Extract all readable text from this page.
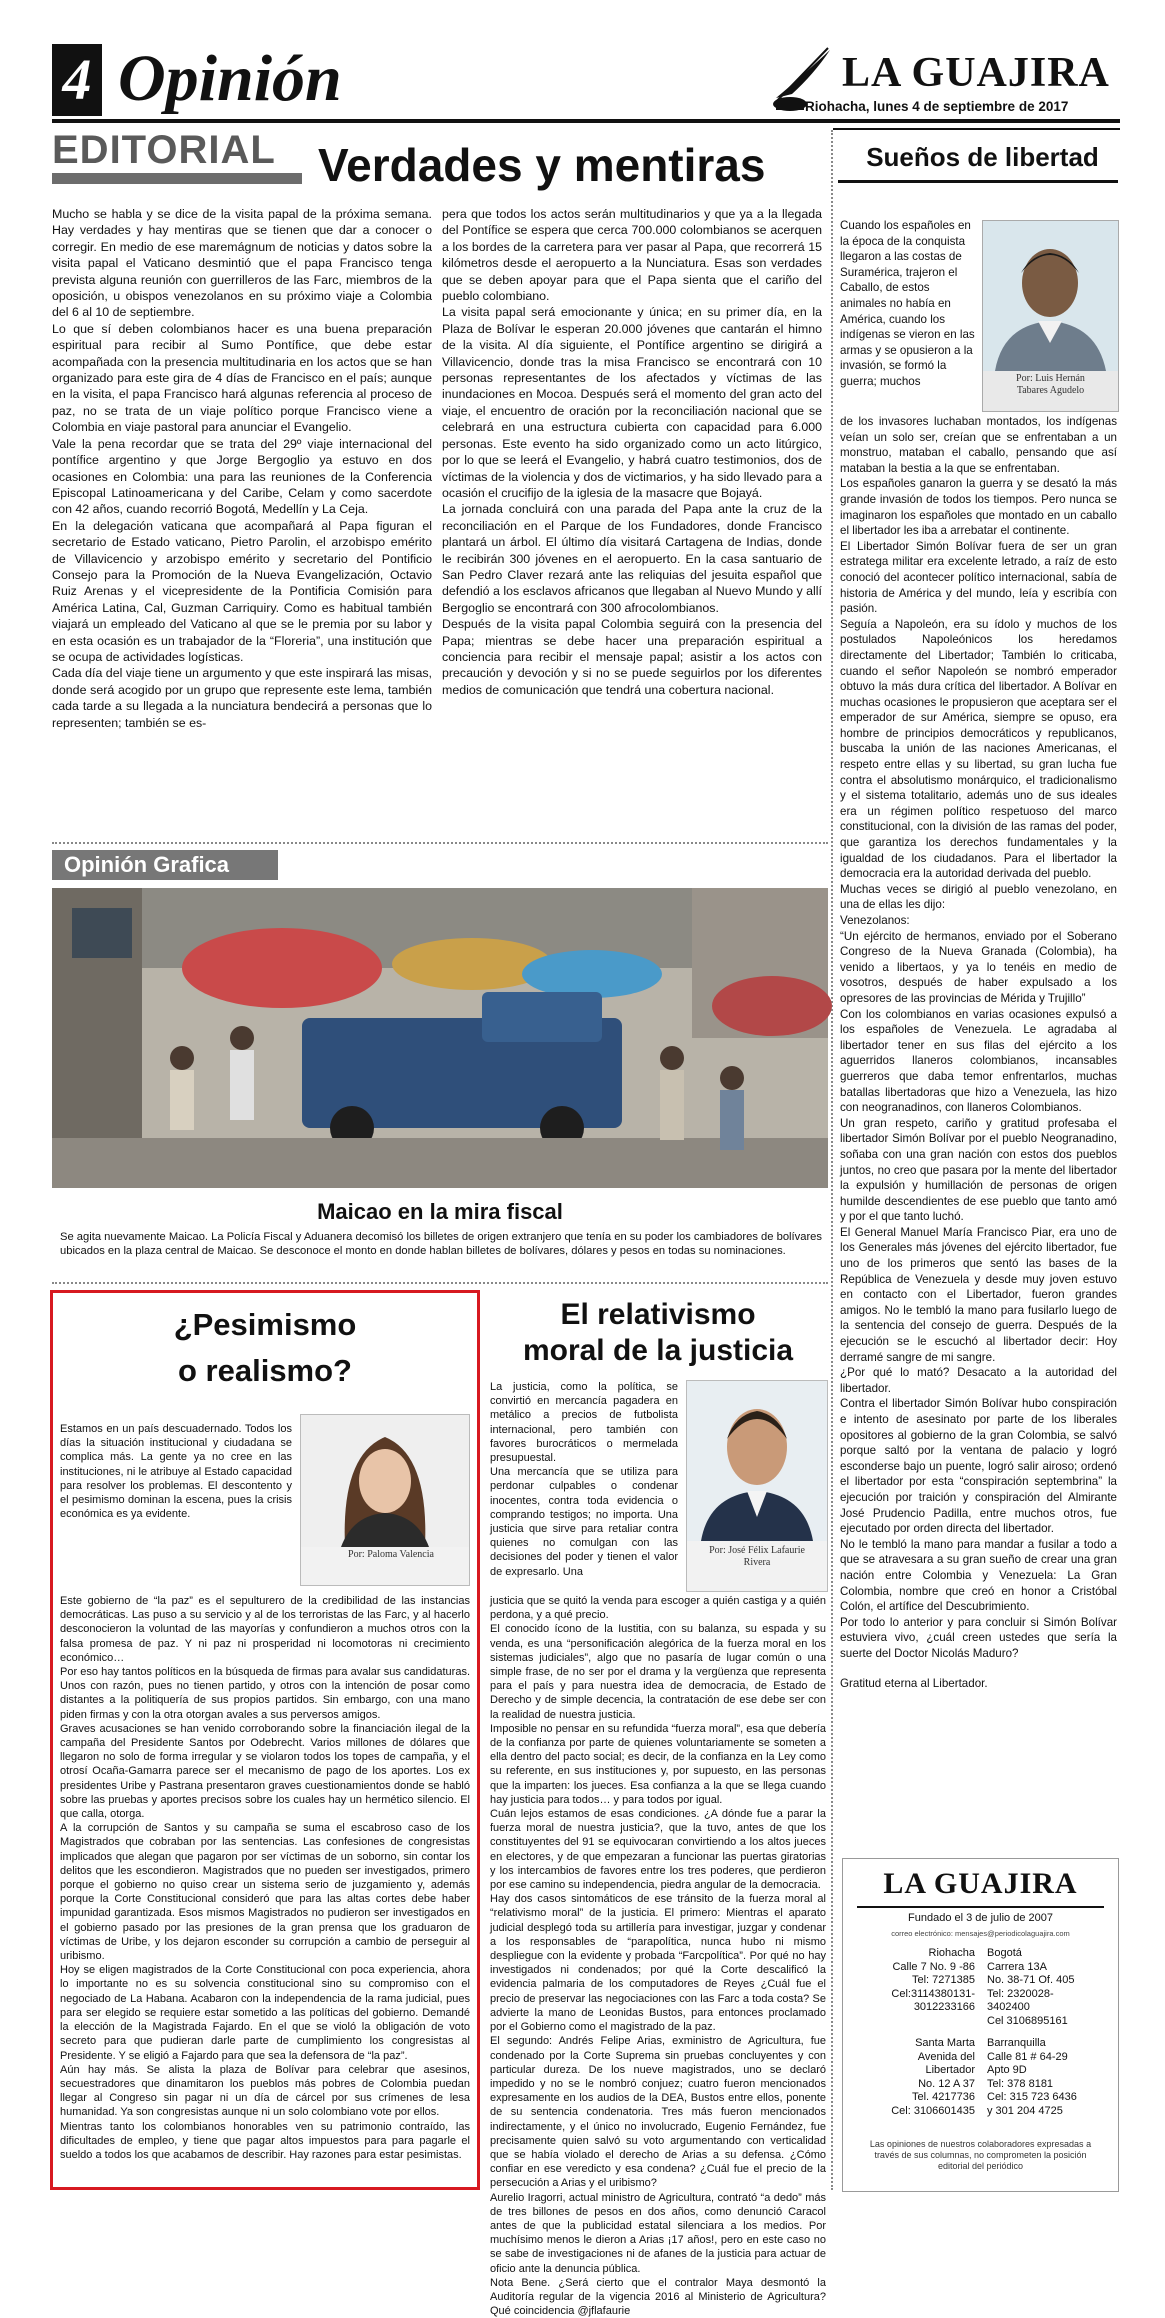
4 Opinión	LA GUAJIRA
Riohacha, lunes 4 de septiembre de 2017
EDITORIAL Verdades y mentiras

Mucho se habla y se dice de la visita papal de la próxima semana. Hay verdades y hay mentiras que se tienen que dar a conocer o corregir. En medio de ese maremágnum de noticias y datos sobre la visita papal el Vaticano desmintió que el papa Francisco tenga prevista alguna reunión con guerrilleros de las Farc, miembros de la oposición, u obispos venezolanos en su próximo viaje a Colombia del 6 al 10 de septiembre.

Lo que sí deben colombianos hacer es una buena preparación espiritual para recibir al Sumo Pontífice, que debe estar acompañada con la presencia multitudinaria en los actos que se han organizado para este gira de 4 días de Francisco en el país; aunque en la visita, el papa Francisco hará algunas referencia al proceso de paz, no se trata de un viaje político porque Francisco viene a Colombia en viaje pastoral para anunciar el Evangelio.

Vale la pena recordar que se trata del 29º viaje internacional del pontífice argentino y que Jorge Bergoglio ya estuvo en dos ocasiones en Colombia: una para las reuniones de la Conferencia Episcopal Latinoamericana y del Caribe, Celam y como sacerdote con 42 años, cuando recorrió Bogotá, Medellín y La Ceja.

En la delegación vaticana que acompañará al Papa figuran el secretario de Estado vaticano, Pietro Parolin, el arzobispo emérito de Villavicencio y arzobispo emérito y secretario del Pontificio Consejo para la Promoción de la Nueva Evangelización, Octavio Ruiz Arenas y el vicepresidente de la Pontificia Comisión para América Latina, Cal, Guzman Carriquiry. Como es habitual también viajará un empleado del Vaticano al que se le premia por su labor y en esta ocasión es un trabajador de la “Floreria”, una institución que se ocupa de actividades logísticas.

Cada día del viaje tiene un argumento y que este inspirará las misas, donde será acogido por un grupo que represente este lema, también cada tarde a su llegada a la nunciatura bendecirá a personas que lo representen; también se es-

pera que todos los actos serán multitudinarios y que ya a la llegada del Pontífice se espera que cerca 700.000 colombianos se acerquen a los bordes de la carretera para ver pasar al Papa, que recorrerá 15 kilómetros desde el aeropuerto a la Nunciatura. Esas son verdades que se deben apoyar para que el Papa sienta que el cariño del pueblo colombiano.

La visita papal será emocionante y única; en su primer día, en la Plaza de Bolívar le esperan 20.000 jóvenes que cantarán el himno de la visita. Al día siguiente, el Pontífice argentino se dirigirá a Villavicencio, donde tras la misa Francisco se encontrará con 10 personas representantes de los afectados y víctimas de las inundaciones en Mocoa. Después será el momento del gran acto del viaje, el encuentro de oración por la reconciliación nacional que se celebrará en una estructura cubierta con capacidad para 6.000 personas. Este evento ha sido organizado como un acto litúrgico, por lo que se leerá el Evangelio, y habrá cuatro testimonios, dos de víctimas de la violencia y dos de victimarios, y ha sido llevado para a ocasión el crucifijo de la iglesia de la masacre que Bojayá.

La jornada concluirá con una parada del Papa ante la cruz de la reconciliación en el Parque de los Fundadores, donde Francisco plantará un árbol. El último día visitará Cartagena de Indias, donde le recibirán 300 jóvenes en el aeropuerto. En la casa santuario de San Pedro Claver rezará ante las reliquias del jesuita español que defendió a los esclavos africanos que llegaban al Nuevo Mundo y allí Bergoglio se encontrará con 300 afrocolombianos.

Después de la visita papal Colombia seguirá con la presencia del Papa; mientras se debe hacer una preparación espiritual a conciencia para recibir el mensaje papal; asistir a los actos con precaución y devoción y si no se puede seguirlos por los diferentes medios de comunicación que tendrá una cobertura nacional.

Sueños de libertad
Cuando los españoles en la época de la conquista llegaron a las costas de Suramérica, trajeron el Caballo, de estos animales no había en América, cuando los indígenas se vieron en las armas y se opusieron a la invasión, se formó la guerra; muchos	Por: Luis Hernán Tabares Agudelo

de los invasores luchaban montados, los indígenas veían un solo ser, creían que se enfrentaban a un monstruo, mataban el caballo, pensando que así mataban la bestia a la que se enfrentaban.

Los españoles ganaron la guerra y se desató la más grande invasión de todos los tiempos. Pero nunca se imaginaron los españoles que montado en un caballo el libertador les iba a arrebatar el continente.

El Libertador Simón Bolívar fuera de ser un gran estratega militar era excelente letrado, a raíz de esto conoció del acontecer político internacional, sabía de historia de América y del mundo, leía y escribía con pasión.

Seguía a Napoleón, era su ídolo y muchos de los postulados Napoleónicos los heredamos directamente del Libertador; También lo criticaba, cuando el señor Napoleón se nombró emperador obtuvo la más dura crítica del libertador. A Bolívar en muchas ocasiones le propusieron que aceptara ser el emperador de sur América, siempre se opuso, era hombre de principios democráticos y republicanos, buscaba la unión de las naciones Americanas, el respeto entre ellas y su libertad, su gran lucha fue contra el absolutismo monárquico, el tradicionalismo y el sistema totalitario, además uno de sus ideales era un régimen político respetuoso del marco constitucional, con la división de las ramas del poder, que garantiza los derechos fundamentales y la igualdad de los ciudadanos. Para el libertador la democracia era la autoridad derivada del pueblo.

Muchas veces se dirigió al pueblo venezolano, en una de ellas les dijo:

Venezolanos:

“Un ejército de hermanos, enviado por el Soberano Congreso de la Nueva Granada (Colombia), ha venido a libertaos, y ya lo tenéis en medio de vosotros, después de haber expulsado a los opresores de las provincias de Mérida y Trujillo”

Con los colombianos en varias ocasiones expulsó a los españoles de Venezuela. Le agradaba al libertador tener en sus filas del ejército a los aguerridos llaneros colombianos, incansables guerreros que daba temor enfrentarlos, muchas batallas libertadoras que hizo a Venezuela, las hizo con neogranadinos, con llaneros Colombianos.

Un gran respeto, cariño y gratitud profesaba el libertador Simón Bolívar por el pueblo Neogranadino, soñaba con una gran nación con estos dos pueblos juntos, no creo que pasara por la mente del libertador la expulsión y humillación de personas de origen humilde descendientes de ese pueblo que tanto amó y por el que tanto luchó.

El General Manuel María Francisco Piar, era uno de los Generales más jóvenes del ejército libertador, fue uno de los primeros que sentó las bases de la República de Venezuela y desde muy joven estuvo en contacto con el Libertador, fueron grandes amigos. No le tembló la mano para fusilarlo luego de la sentencia del consejo de guerra. Después de la ejecución se le escuchó al libertador decir: Hoy derramé sangre de mi sangre.

¿Por qué lo mató? Desacato a la autoridad del libertador.

Contra el libertador Simón Bolívar hubo conspiración e intento de asesinato por parte de los liberales opositores al gobierno de la gran Colombia, se salvó porque saltó por la ventana de palacio y logró esconderse bajo un puente, logró salir airoso; ordenó el libertador por esta “conspiración septembrina” la ejecución por traición y conspiración del Almirante José Prudencio Padilla, entre muchos otros, fue ejecutado por orden directa del libertador.

No le tembló la mano para mandar a fusilar a todo a que se atravesara a su gran sueño de crear una gran nación entre Colombia y Venezuela: La Gran Colombia, nombre que creó en honor a Cristóbal Colón, el artífice del Descubrimiento.

Por todo lo anterior y para concluir si Simón Bolívar estuviera vivo, ¿cuál creen ustedes que sería la suerte del Doctor Nicolás Maduro?

Gratitud eterna al Libertador.

LA GUAJIRA
Fundado el 3 de julio de 2007
correo electrónico: mensajes@periodicolaguajira.com
Riohacha
Calle 7 No. 9 -86
Tel: 7271385
Cel:3114380131-
3012233166
Bogotá
Carrera 13A
No. 38-71 Of. 405
Tel: 2320028-
3402400
Cel 3106895161
Santa Marta
Avenida del
Libertador
No. 12 A 37
Tel. 4217736
Cel: 3106601435
Barranquilla
Calle 81 # 64-29
Apto 9D
Tel: 378 8181
Cel: 315 723 6436
y 301 204 4725
Las opiniones de nuestros colaboradores expresadas a través de sus columnas, no comprometen la posición editorial del periódico
Opinión Grafica
Maicao en la mira fiscal
Se agita nuevamente Maicao. La Policía Fiscal y Aduanera decomisó los billetes de origen extranjero que tenía en su poder los cambiadores de bolívares ubicados en la plaza central de Maicao. Se desconoce el monto en donde hablan billetes de bolívares, dólares y pesos en todas su nominaciones.
¿Pesimismo
o realismo?
Por: Paloma Valencia
Estamos en un país descuadernado. Todos los días la situación institucional y ciudadana se complica más. La gente ya no cree en las instituciones, ni le atribuye al Estado capacidad para resolver los problemas. El descontento y el pesimismo dominan la escena, pues la crisis económica es ya evidente.

Este gobierno de “la paz” es el sepulturero de la credibilidad de las instancias democráticas. Las puso a su servicio y al de los terroristas de las Farc, y al hacerlo desconocieron la voluntad de las mayorías y confundieron a muchos otros con la falsa promesa de paz. Y ni paz ni prosperidad ni locomotoras ni crecimiento económico…

Por eso hay tantos políticos en la búsqueda de firmas para avalar sus candidaturas. Unos con razón, pues no tienen partido, y otros con la intención de posar como distantes a la politiquería de sus propios partidos. Sin embargo, con una mano piden firmas y con la otra otorgan avales a sus perversos amigos.

Graves acusaciones se han venido corroborando sobre la financiación ilegal de la campaña del Presidente Santos por Odebrecht. Varios millones de dólares que llegaron no solo de forma irregular y se violaron todos los topes de campaña, y el otrosí Ocaña-Gamarra parece ser el mecanismo de pago de los aportes. Los ex presidentes Uribe y Pastrana presentaron graves cuestionamientos donde se habló sobre las pruebas y aportes precisos sobre los cuales hay un hermético silencio. El que calla, otorga.

A la corrupción de Santos y su campaña se suma el escabroso caso de los Magistrados que cobraban por las sentencias. Las confesiones de congresistas implicados que alegan que pagaron por ser víctimas de un soborno, sin contar los delitos que les escondieron. Magistrados que no pueden ser investigados, primero porque el gobierno no quiso crear un sistema serio de juzgamiento y, además porque la Corte Constitucional consideró que para las altas cortes debe haber impunidad garantizada. Esos mismos Magistrados no pudieron ser investigados en el gobierno pasado por las presiones de la gran prensa que los graduaron de víctimas de Uribe, y los dejaron esconder su corrupción a cambio de perseguir al uribismo.

Hoy se eligen magistrados de la Corte Constitucional con poca experiencia, ahora lo importante no es su solvencia constitucional sino su compromiso con el negociado de La Habana. Acabaron con la independencia de la rama judicial, pues para ser elegido se requiere estar sometido a las políticas del gobierno. Demandé la elección de la Magistrada Fajardo. En el que se violó la obligación de voto secreto para que pudieran darle parte de cumplimiento los congresistas al Presidente. Y se eligió a Fajardo para que sea la defensora de “la paz”.

Aún hay más. Se alista la plaza de Bolívar para celebrar que asesinos, secuestradores que dinamitaron los pueblos más pobres de Colombia puedan llegar al Congreso sin pagar ni un día de cárcel por sus crímenes de lesa humanidad. Ya son congresistas aunque ni un solo colombiano vote por ellos.

Mientras tanto los colombianos honorables ven su patrimonio contraído, las dificultades de empleo, y tiene que pagar altos impuestos para para pagarle el sueldo a todos los que acabamos de describir. Hay razones para estar pesimistas.

El relativismo
moral de la justicia

La justicia, como la política, se convirtió en mercancía pagadera en metálico a precios de futbolista internacional, pero también con favores burocráticos o mermelada presupuestal.

Una mercancía que se utiliza para perdonar culpables o condenar inocentes, contra toda evidencia o comprando testigos; no importa. Una justicia que sirve para retaliar contra quienes no comulgan con las decisiones del poder y tienen el valor de expresarlo. Una

Por: José Félix Lafaurie Rivera

justicia que se quitó la venda para escoger a quién castiga y a quién perdona, y a qué precio.

El conocido ícono de la Iustitia, con su balanza, su espada y su venda, es una “personificación alegórica de la fuerza moral en los sistemas judiciales”, algo que no pasaría de lugar común o una simple frase, de no ser por el drama y la vergüenza que representa para el país y para nuestra idea de democracia, de Estado de Derecho y de simple decencia, la contratación de ese debe ser con la realidad de nuestra justicia.

Imposible no pensar en su refundida “fuerza moral”, esa que debería de la confianza por parte de quienes voluntariamente se someten a ella dentro del pacto social; es decir, de la confianza en la Ley como su referente, en sus instituciones y, por supuesto, en las personas que la imparten: los jueces. Esa confianza a la que se llega cuando hay justicia para todos… y para todos por igual.

Cuán lejos estamos de esas condiciones. ¿A dónde fue a parar la fuerza moral de nuestra justicia?, que la tuvo, antes de que los constituyentes del 91 se equivocaran convirtiendo a los altos jueces en electores, y de que empezaran a funcionar las puertas giratorias y los intercambios de favores entre los tres poderes, que perdieron por ese camino su independencia, piedra angular de la democracia.

Hay dos casos sintomáticos de ese tránsito de la fuerza moral al “relativismo moral” de la justicia. El primero: Mientras el aparato judicial desplegó toda su artillería para investigar, juzgar y condenar a los responsables de “parapolítica, nunca hubo ni mismo despliegue con la evidente y probada “Farcpolítica”. Por qué no hay investigados ni condenados; por qué la Corte descalificó la evidencia palmaria de los computadores de Reyes ¿Cuál fue el precio de preservar las negociaciones con las Farc a toda costa? Se advierte la mano de Leonidas Bustos, para entonces proclamado por el Gobierno como el magistrado de la paz.

El segundo: Andrés Felipe Arias, exministro de Agricultura, fue condenado por la Corte Suprema sin pruebas concluyentes y con particular dureza. De los nueve magistrados, uno se declaró impedido y no se le nombró conjuez; cuatro fueron mencionados expresamente en los audios de la DEA, Bustos entre ellos, ponente de su sentencia condenatoria. Tres más fueron mencionados indirectamente, y el único no involucrado, Eugenio Fernández, fue precisamente quien salvó su voto argumentando con verticalidad que se había violado el derecho de Arias a su defensa. ¿Cómo confiar en ese veredicto y esa condena? ¿Cuál fue el precio de la persecución a Arias y el uribismo?

Aurelio Iragorri, actual ministro de Agricultura, contrató “a dedo” más de tres billones de pesos en dos años, como denunció Caracol antes de que la publicidad estatal silenciara a los medios. Por muchísimo menos le dieron a Arias ¡17 años!, pero en este caso no se sabe de investigaciones ni de afanes de la justicia para actuar de oficio ante la denuncia pública.

Nota Bene. ¿Será cierto que el contralor Maya desmontó la Auditoría regular de la vigencia 2016 al Ministerio de Agricultura? Qué coincidencia @jflafaurie
